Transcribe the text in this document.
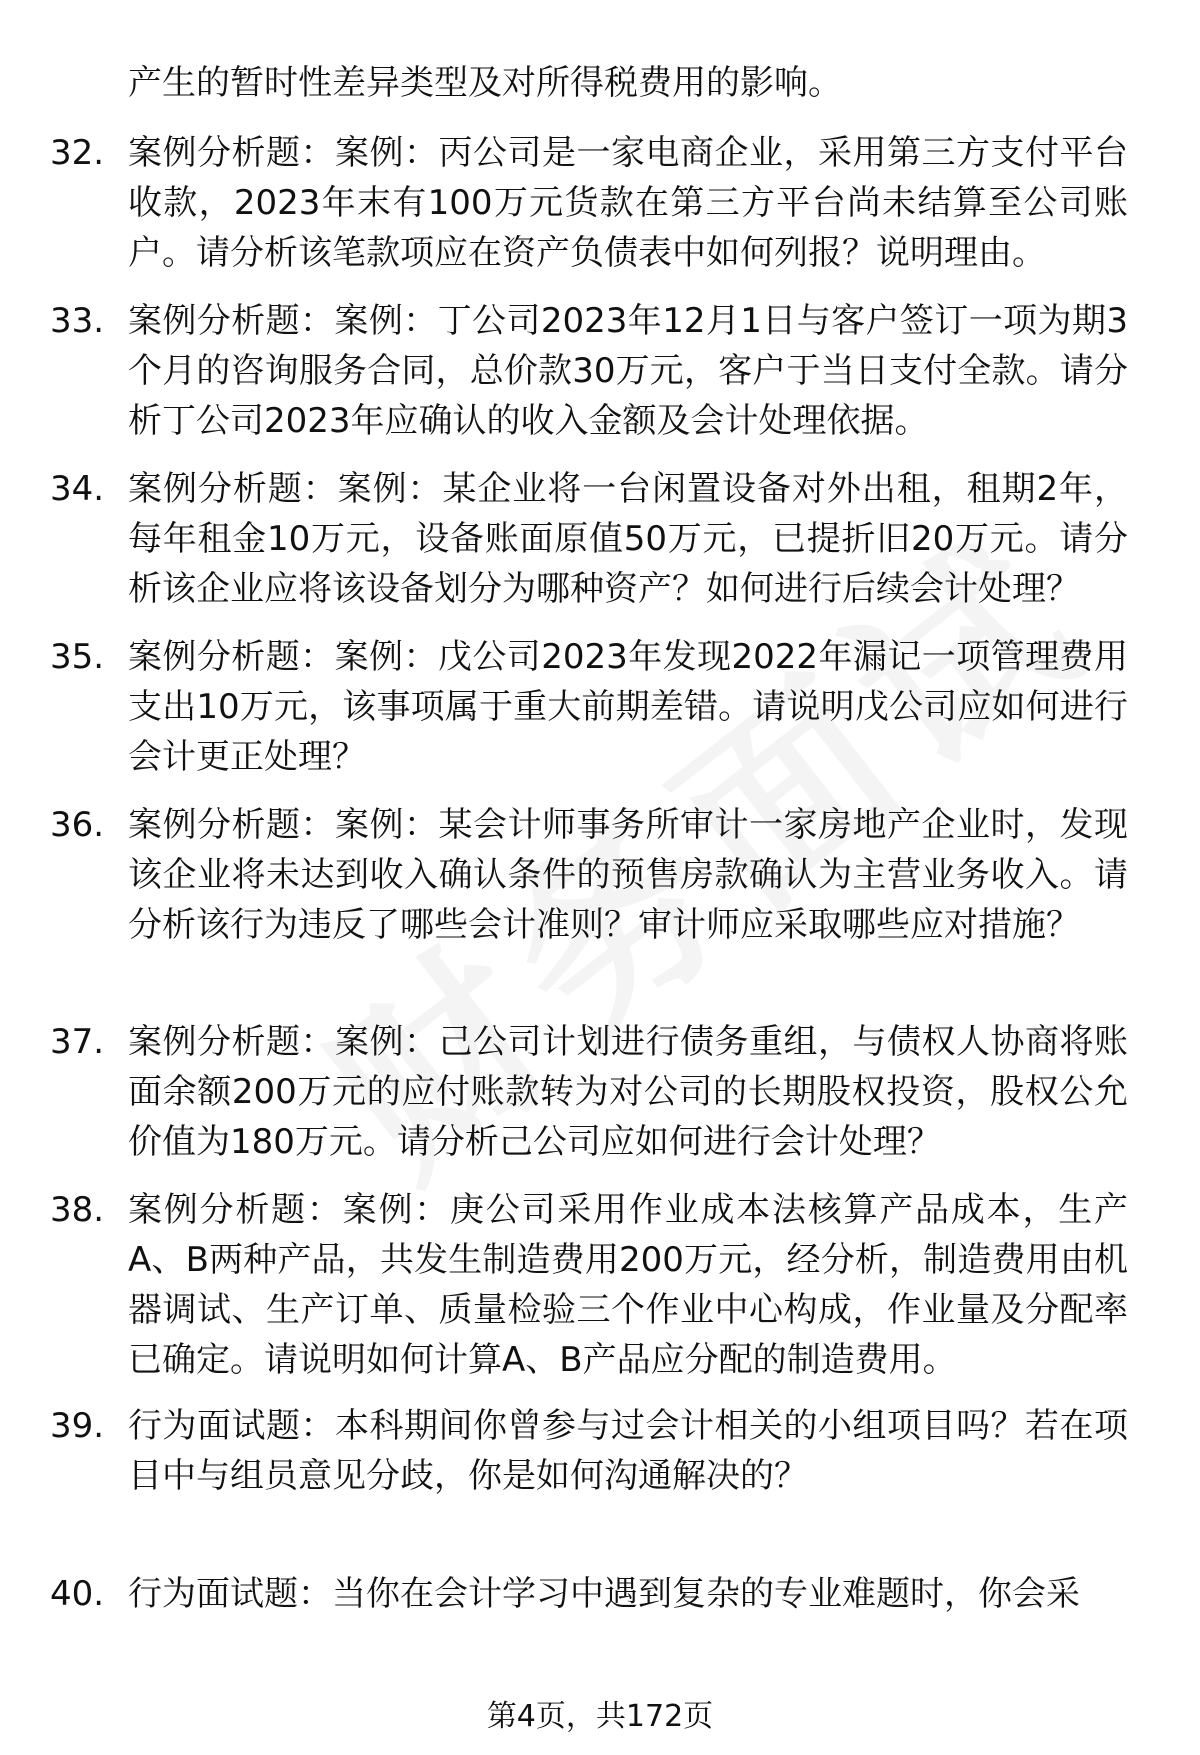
产生的暂时性差异类型及对所得税费用的影响。
32. 案例分析题：案例：丙公司是一家电商企业，采用第三方支付平台收款，2023年末有100万元货款在第三方平台尚未结算至公司账户。请分析该笔款项应在资产负债表中如何列报？说明理由。
33. 案例分析题：案例：丁公司2023年12月1日与客户签订一项为期3个月的咨询服务合同，总价款30万元，客户于当日支付全款。请分析丁公司2023年应确认的收入金额及会计处理依据。
34. 案例分析题：案例：某企业将一台闲置设备对外出租，租期2年，每年租金10万元，设备账面原值50万元，已提折旧20万元。请分析该企业应将该设备划分为哪种资产？如何进行后续会计处理？
35. 案例分析题：案例：戊公司2023年发现2022年漏记一项管理费用支出10万元，该事项属于重大前期差错。请说明戊公司应如何进行会计更正处理？
36. 案例分析题：案例：某会计师事务所审计一家房地产企业时，发现该企业将未达到收入确认条件的预售房款确认为主营业务收入。请分析该行为违反了哪些会计准则？审计师应采取哪些应对措施？
37. 案例分析题：案例：己公司计划进行债务重组，与债权人协商将账面余额200万元的应付账款转为对公司的长期股权投资，股权公允价值为180万元。请分析己公司应如何进行会计处理？
38. 案例分析题：案例：庚公司采用作业成本法核算产品成本，生产A、B两种产品，共发生制造费用200万元，经分析，制造费用由机器调试、生产订单、质量检验三个作业中心构成，作业量及分配率已确定。请说明如何计算A、B产品应分配的制造费用。
39. 行为面试题：本科期间你曾参与过会计相关的小组项目吗？若在项目中与组员意见分歧，你是如何沟通解决的？
40. 行为面试题：当你在会计学习中遇到复杂的专业难题时，你会采
第4页，共172页
